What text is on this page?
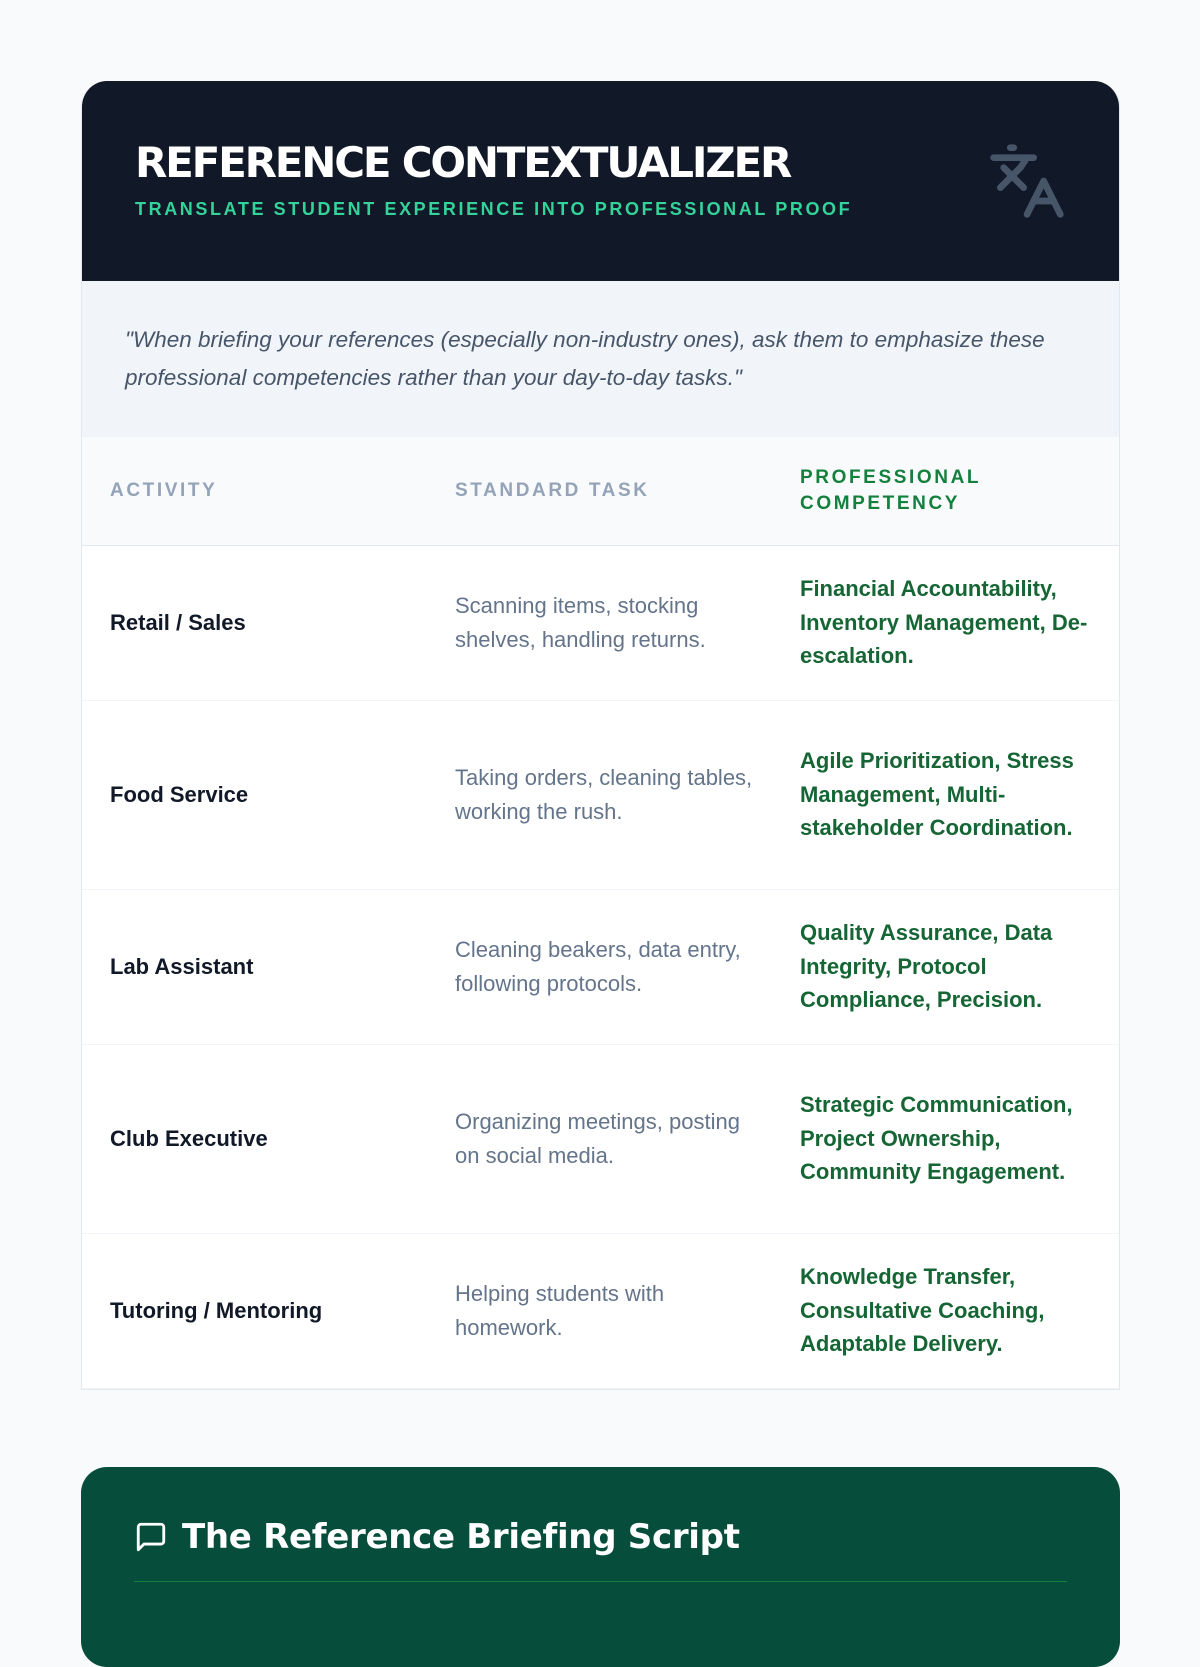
REFERENCE CONTEXTUALIZER
TRANSLATE STUDENT EXPERIENCE INTO PROFESSIONAL PROOF
"When briefing your references (especially non-industry ones), ask them to emphasize these professional competencies rather than your day-to-day tasks."
ACTIVITY	STANDARD TASK	PROFESSIONAL COMPETENCY
Retail / Sales	Scanning items, stocking shelves, handling returns.	Financial Accountability, Inventory Management, De-escalation.
Food Service	Taking orders, cleaning tables, working the rush.	Agile Prioritization, Stress Management, Multi-stakeholder Coordination.
Lab Assistant	Cleaning beakers, data entry, following protocols.	Quality Assurance, Data Integrity, Protocol Compliance, Precision.
Club Executive	Organizing meetings, posting on social media.	Strategic Communication, Project Ownership, Community Engagement.
Tutoring / Mentoring	Helping students with homework.	Knowledge Transfer, Consultative Coaching, Adaptable Delivery.
The Reference Briefing Script
